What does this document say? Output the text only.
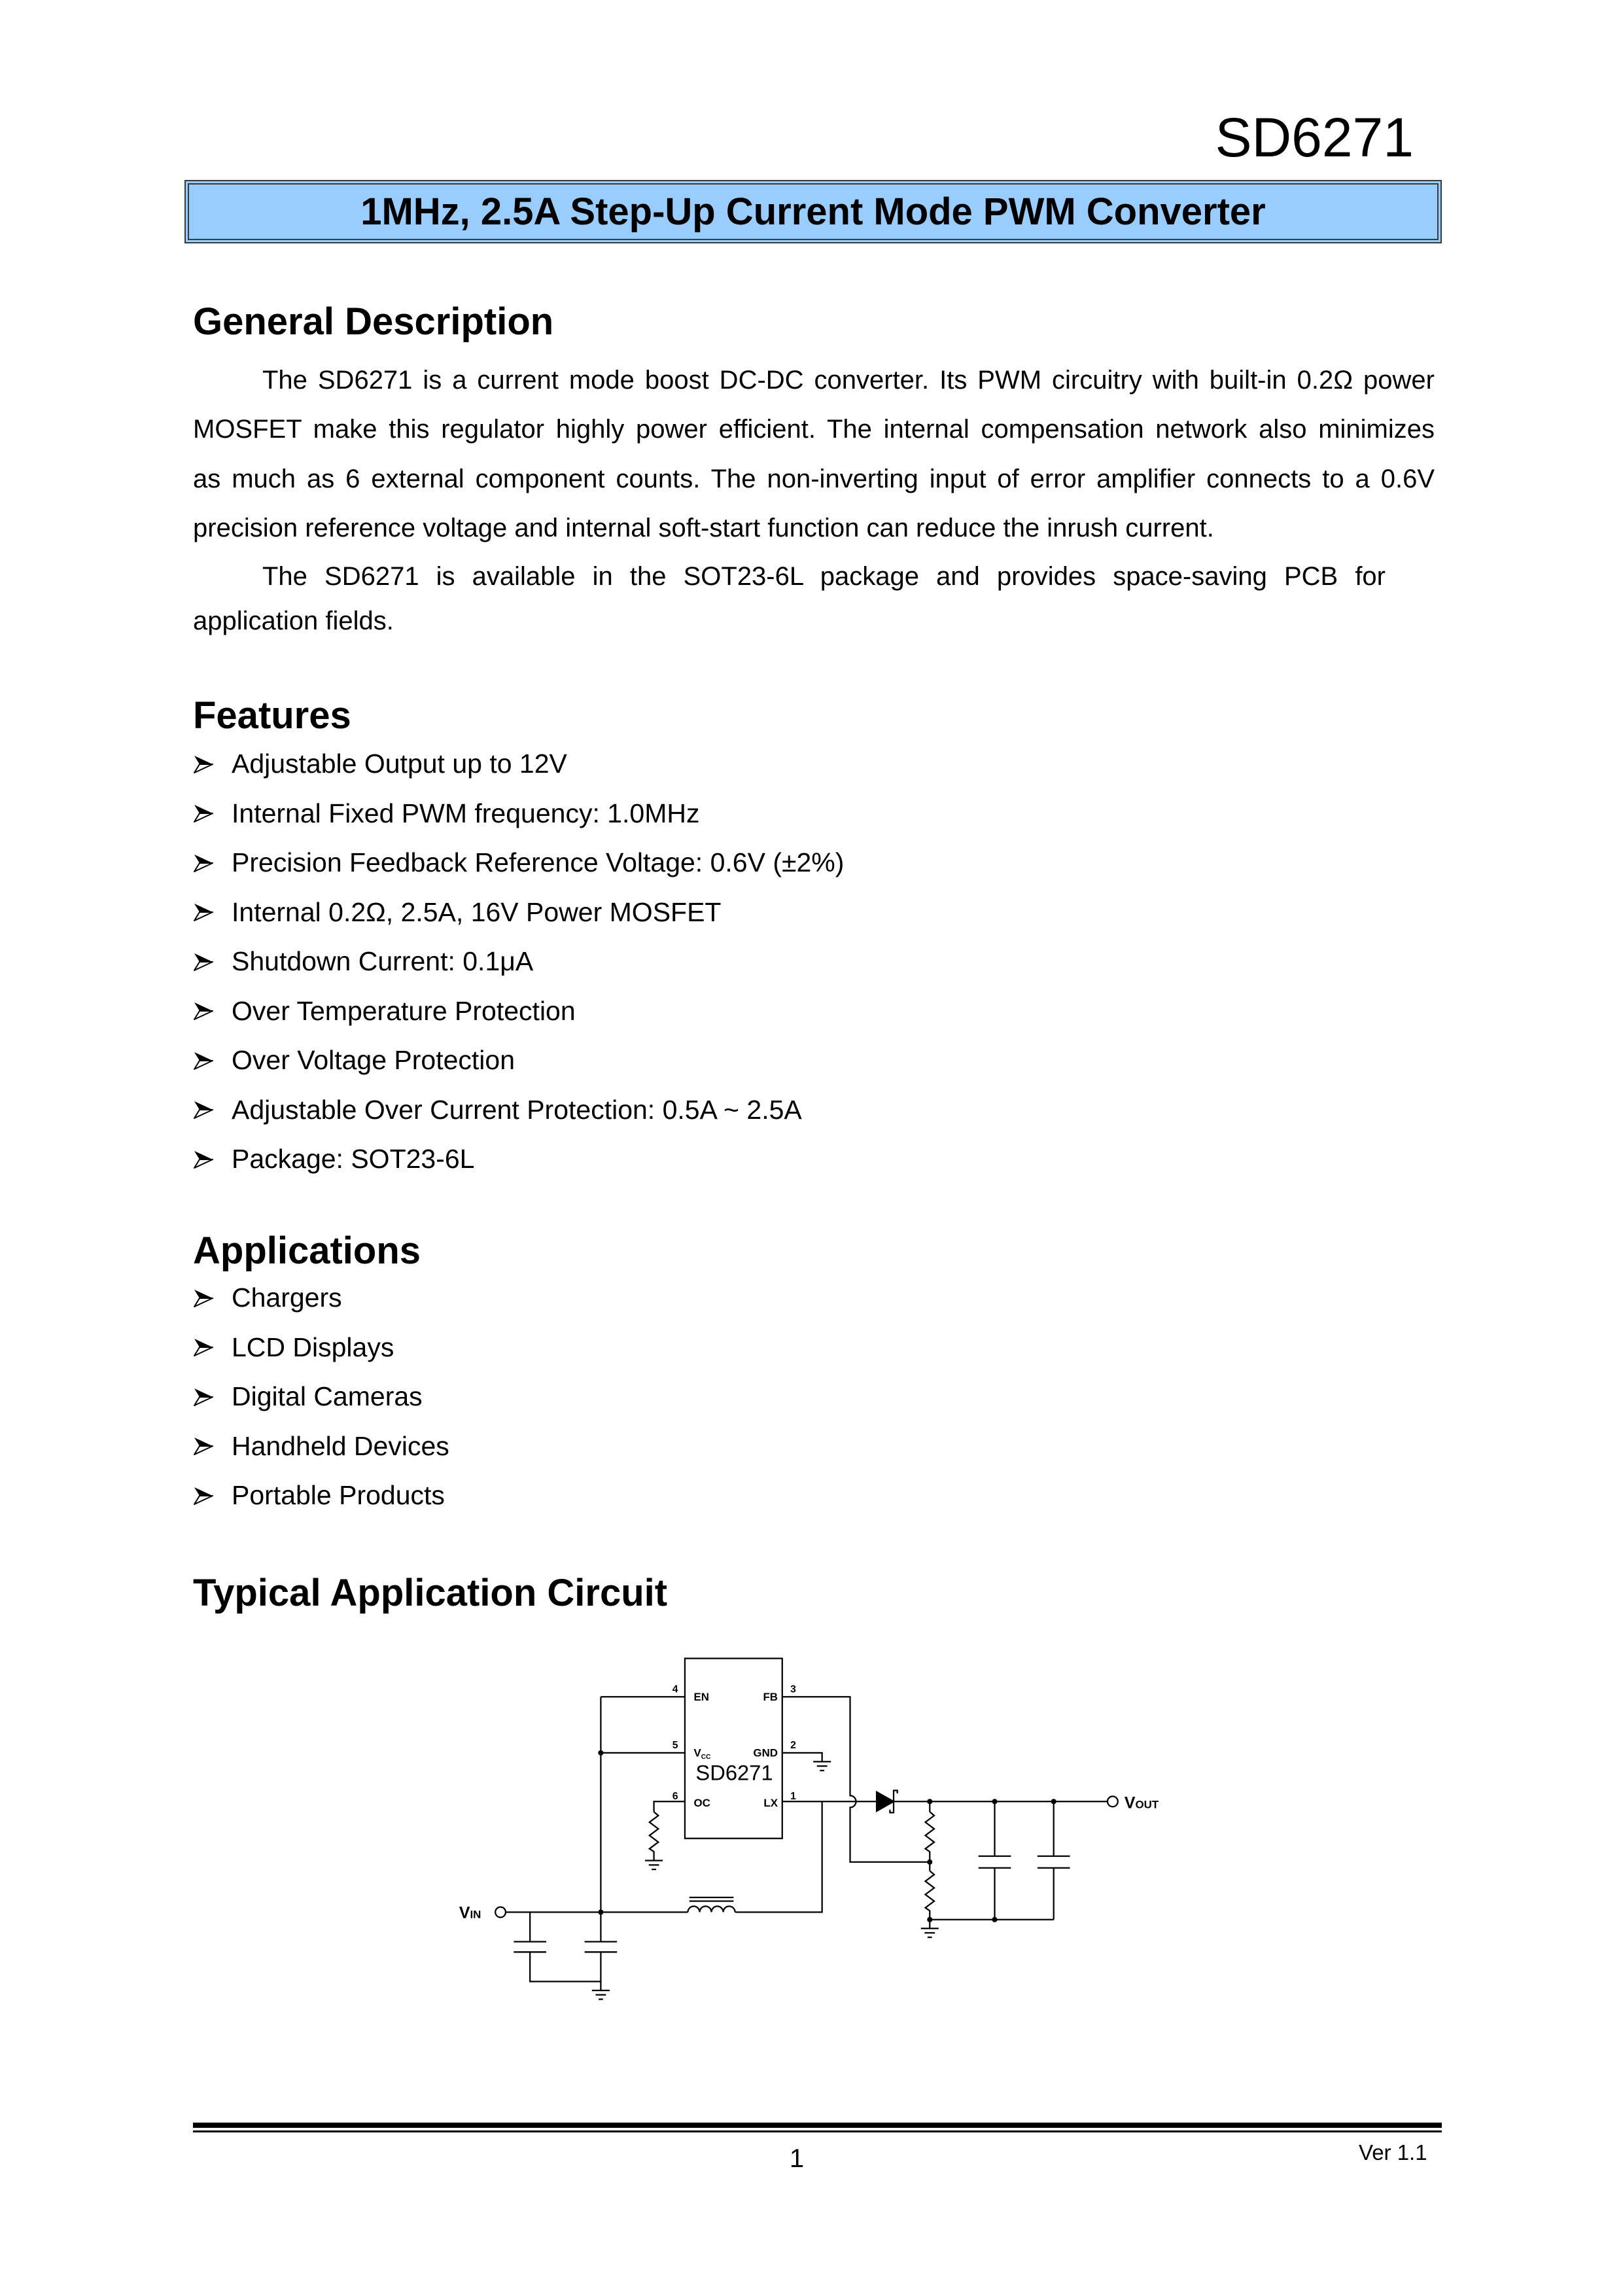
SD6271
1MHz, 2.5A Step-Up Current Mode PWM Converter
General Description
The SD6271 is a current mode boost DC-DC converter. Its PWM circuitry with built-in 0.2Ω power
MOSFET make this regulator highly power efficient. The internal compensation network also minimizes
as much as 6 external component counts. The non-inverting input of error amplifier connects to a 0.6V
precision reference voltage and internal soft-start function can reduce the inrush current.
The SD6271 is available in the SOT23-6L package and provides space-saving PCB for
application fields.
Features
Adjustable Output up to 12V
Internal Fixed PWM frequency: 1.0MHz
Precision Feedback Reference Voltage: 0.6V (±2%)
Internal 0.2Ω, 2.5A, 16V Power MOSFET
Shutdown Current: 0.1μA
Over Temperature Protection
Over Voltage Protection
Adjustable Over Current Protection: 0.5A ~ 2.5A
Package: SOT23-6L
Applications
Chargers
LCD Displays
Digital Cameras
Handheld Devices
Portable Products
Typical Application Circuit
EN	FB
$V_{CC}$	GND
SD6271
OC	LX
4	3
5	2
6	1
VIN
VOUT
1	Ver 1.1
